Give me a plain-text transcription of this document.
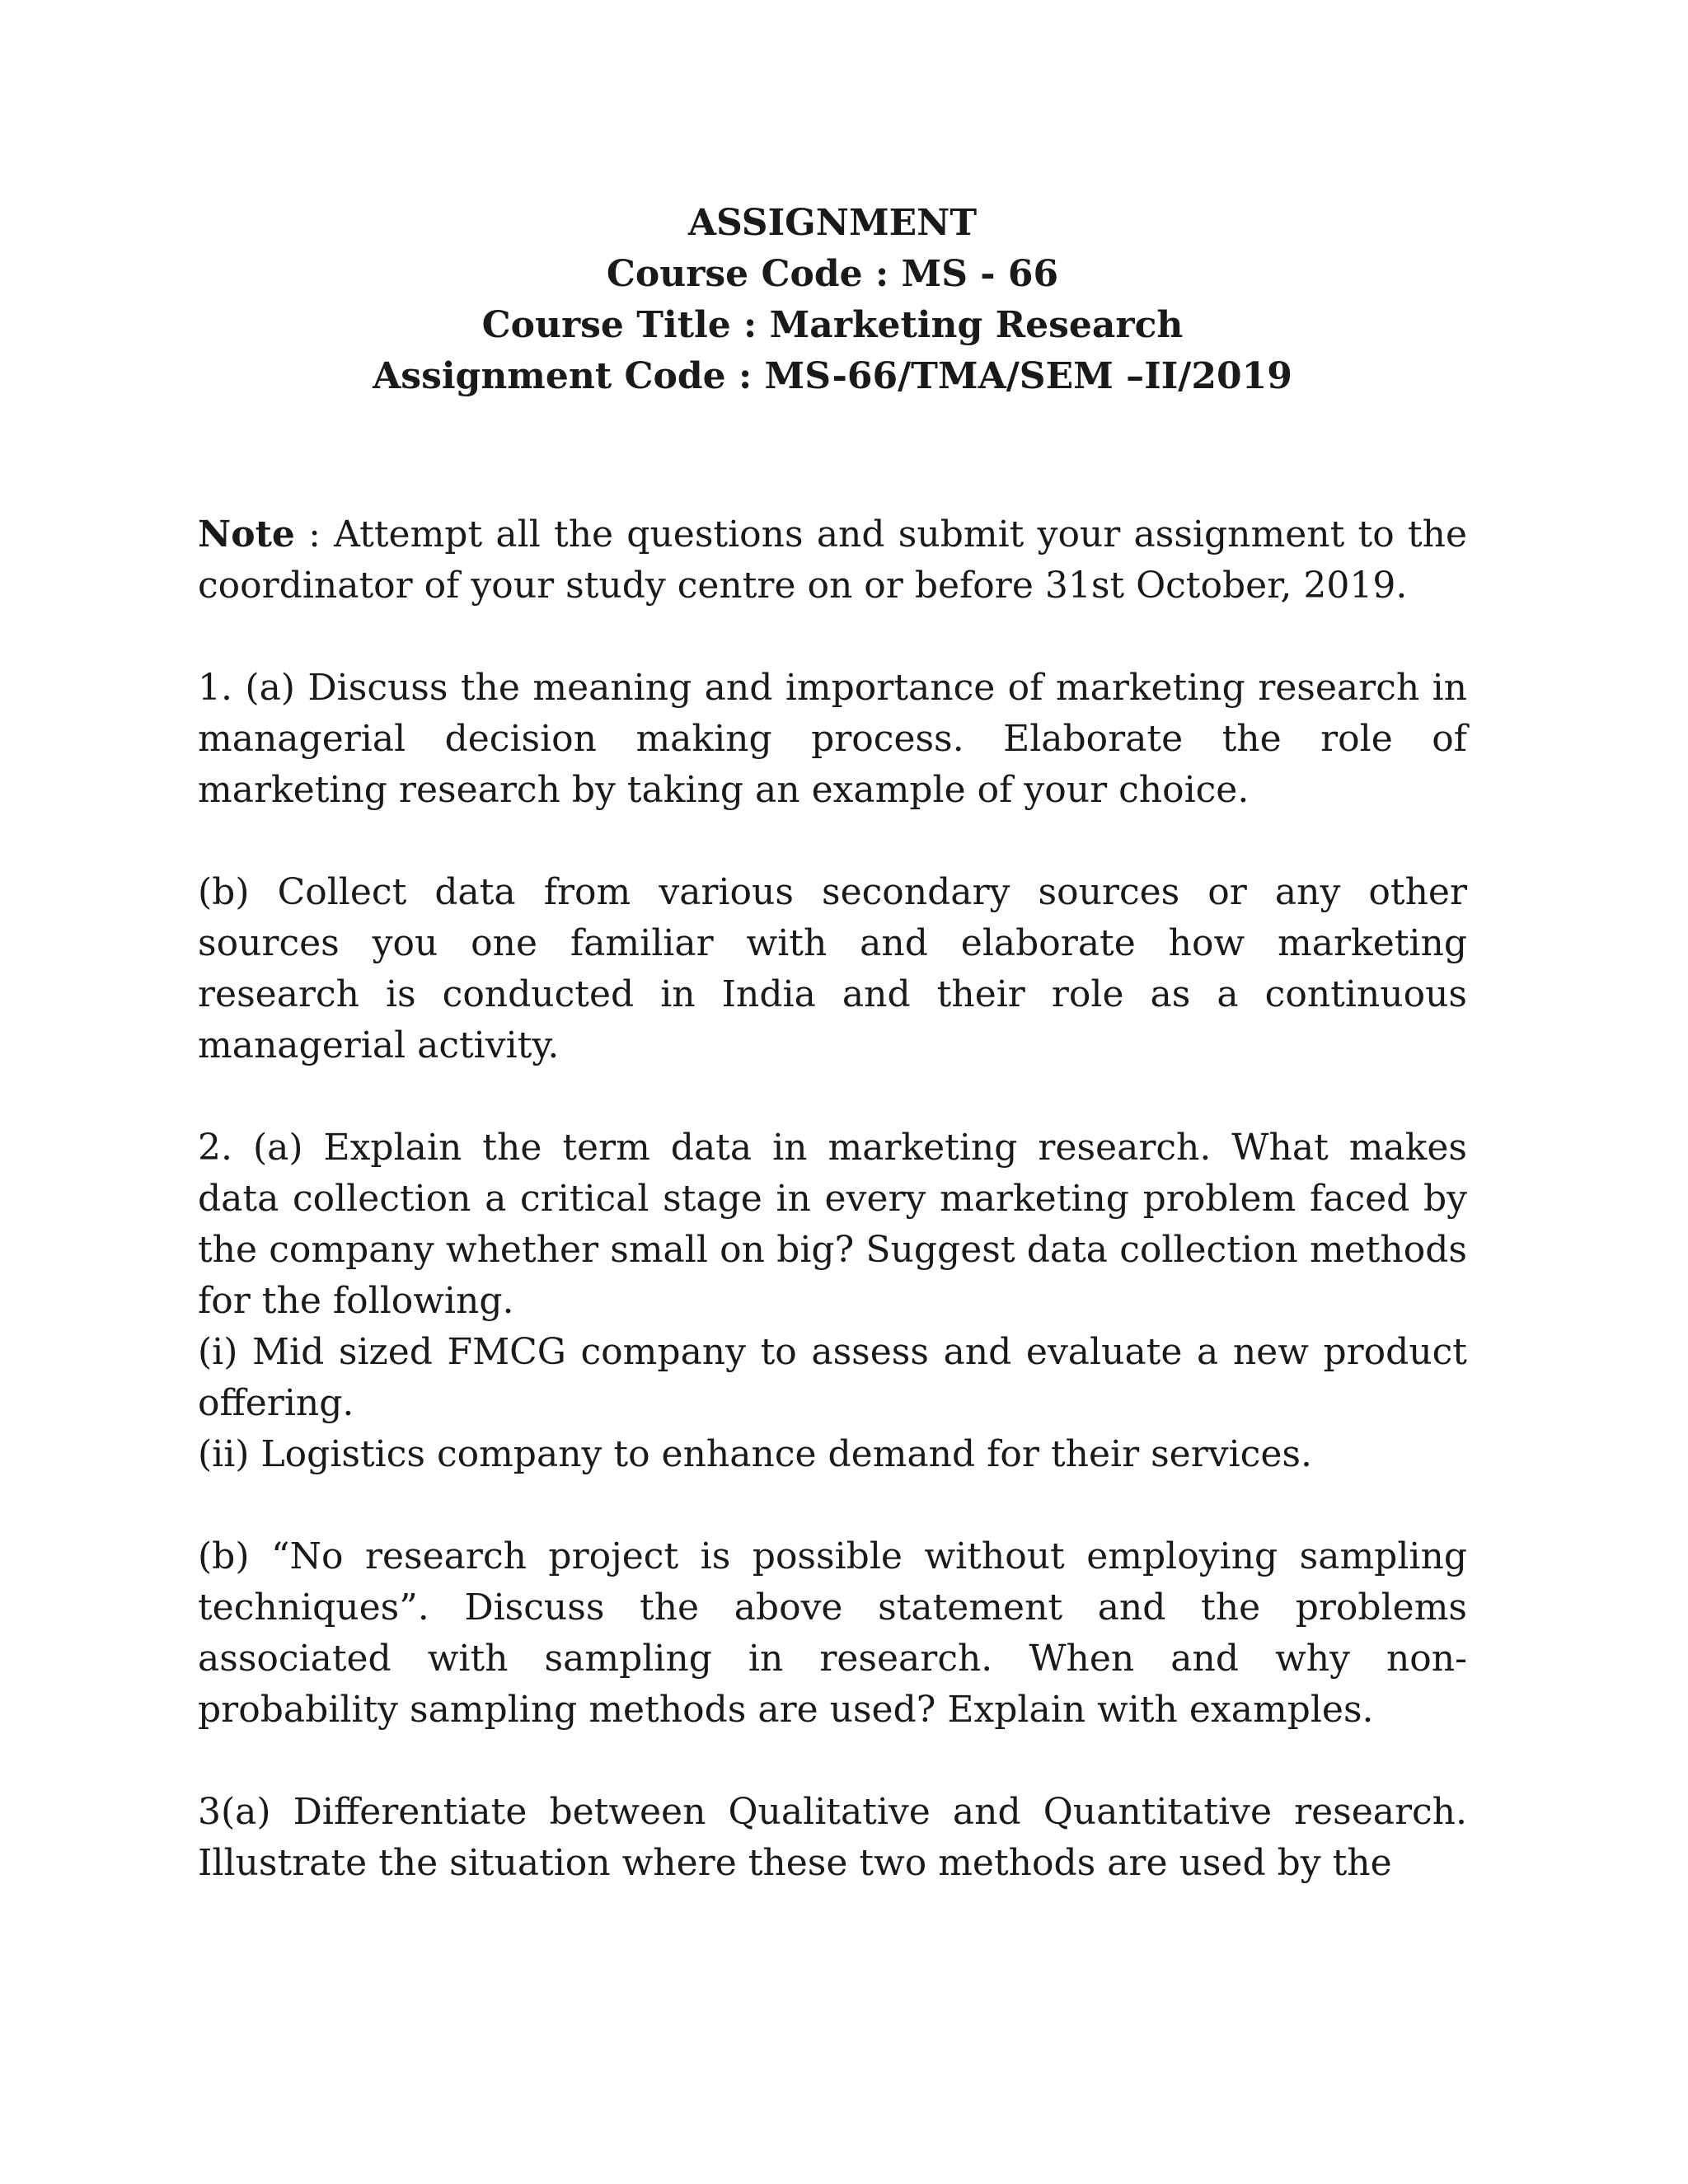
ASSIGNMENT
Course Code : MS - 66
Course Title : Marketing Research
Assignment Code : MS-66/TMA/SEM –II/2019
Note : Attempt all the questions and submit your assignment to the coordinator of your study centre on or before 31st October, 2019.
1. (a) Discuss the meaning and importance of marketing research in managerial decision making process. Elaborate the role of marketing research by taking an example of your choice.
(b) Collect data from various secondary sources or any other sources you one familiar with and elaborate how marketing research is conducted in India and their role as a continuous managerial activity.
2. (a) Explain the term data in marketing research. What makes data collection a critical stage in every marketing problem faced by the company whether small on big? Suggest data collection methods for the following.
(i) Mid sized FMCG company to assess and evaluate a new product offering.
(ii) Logistics company to enhance demand for their services.
(b) “No research project is possible without employing sampling techniques”. Discuss the above statement and the problems associated with sampling in research. When and why non-probability sampling methods are used? Explain with examples.
3(a) Differentiate between Qualitative and Quantitative research. Illustrate the situation where these two methods are used by the
